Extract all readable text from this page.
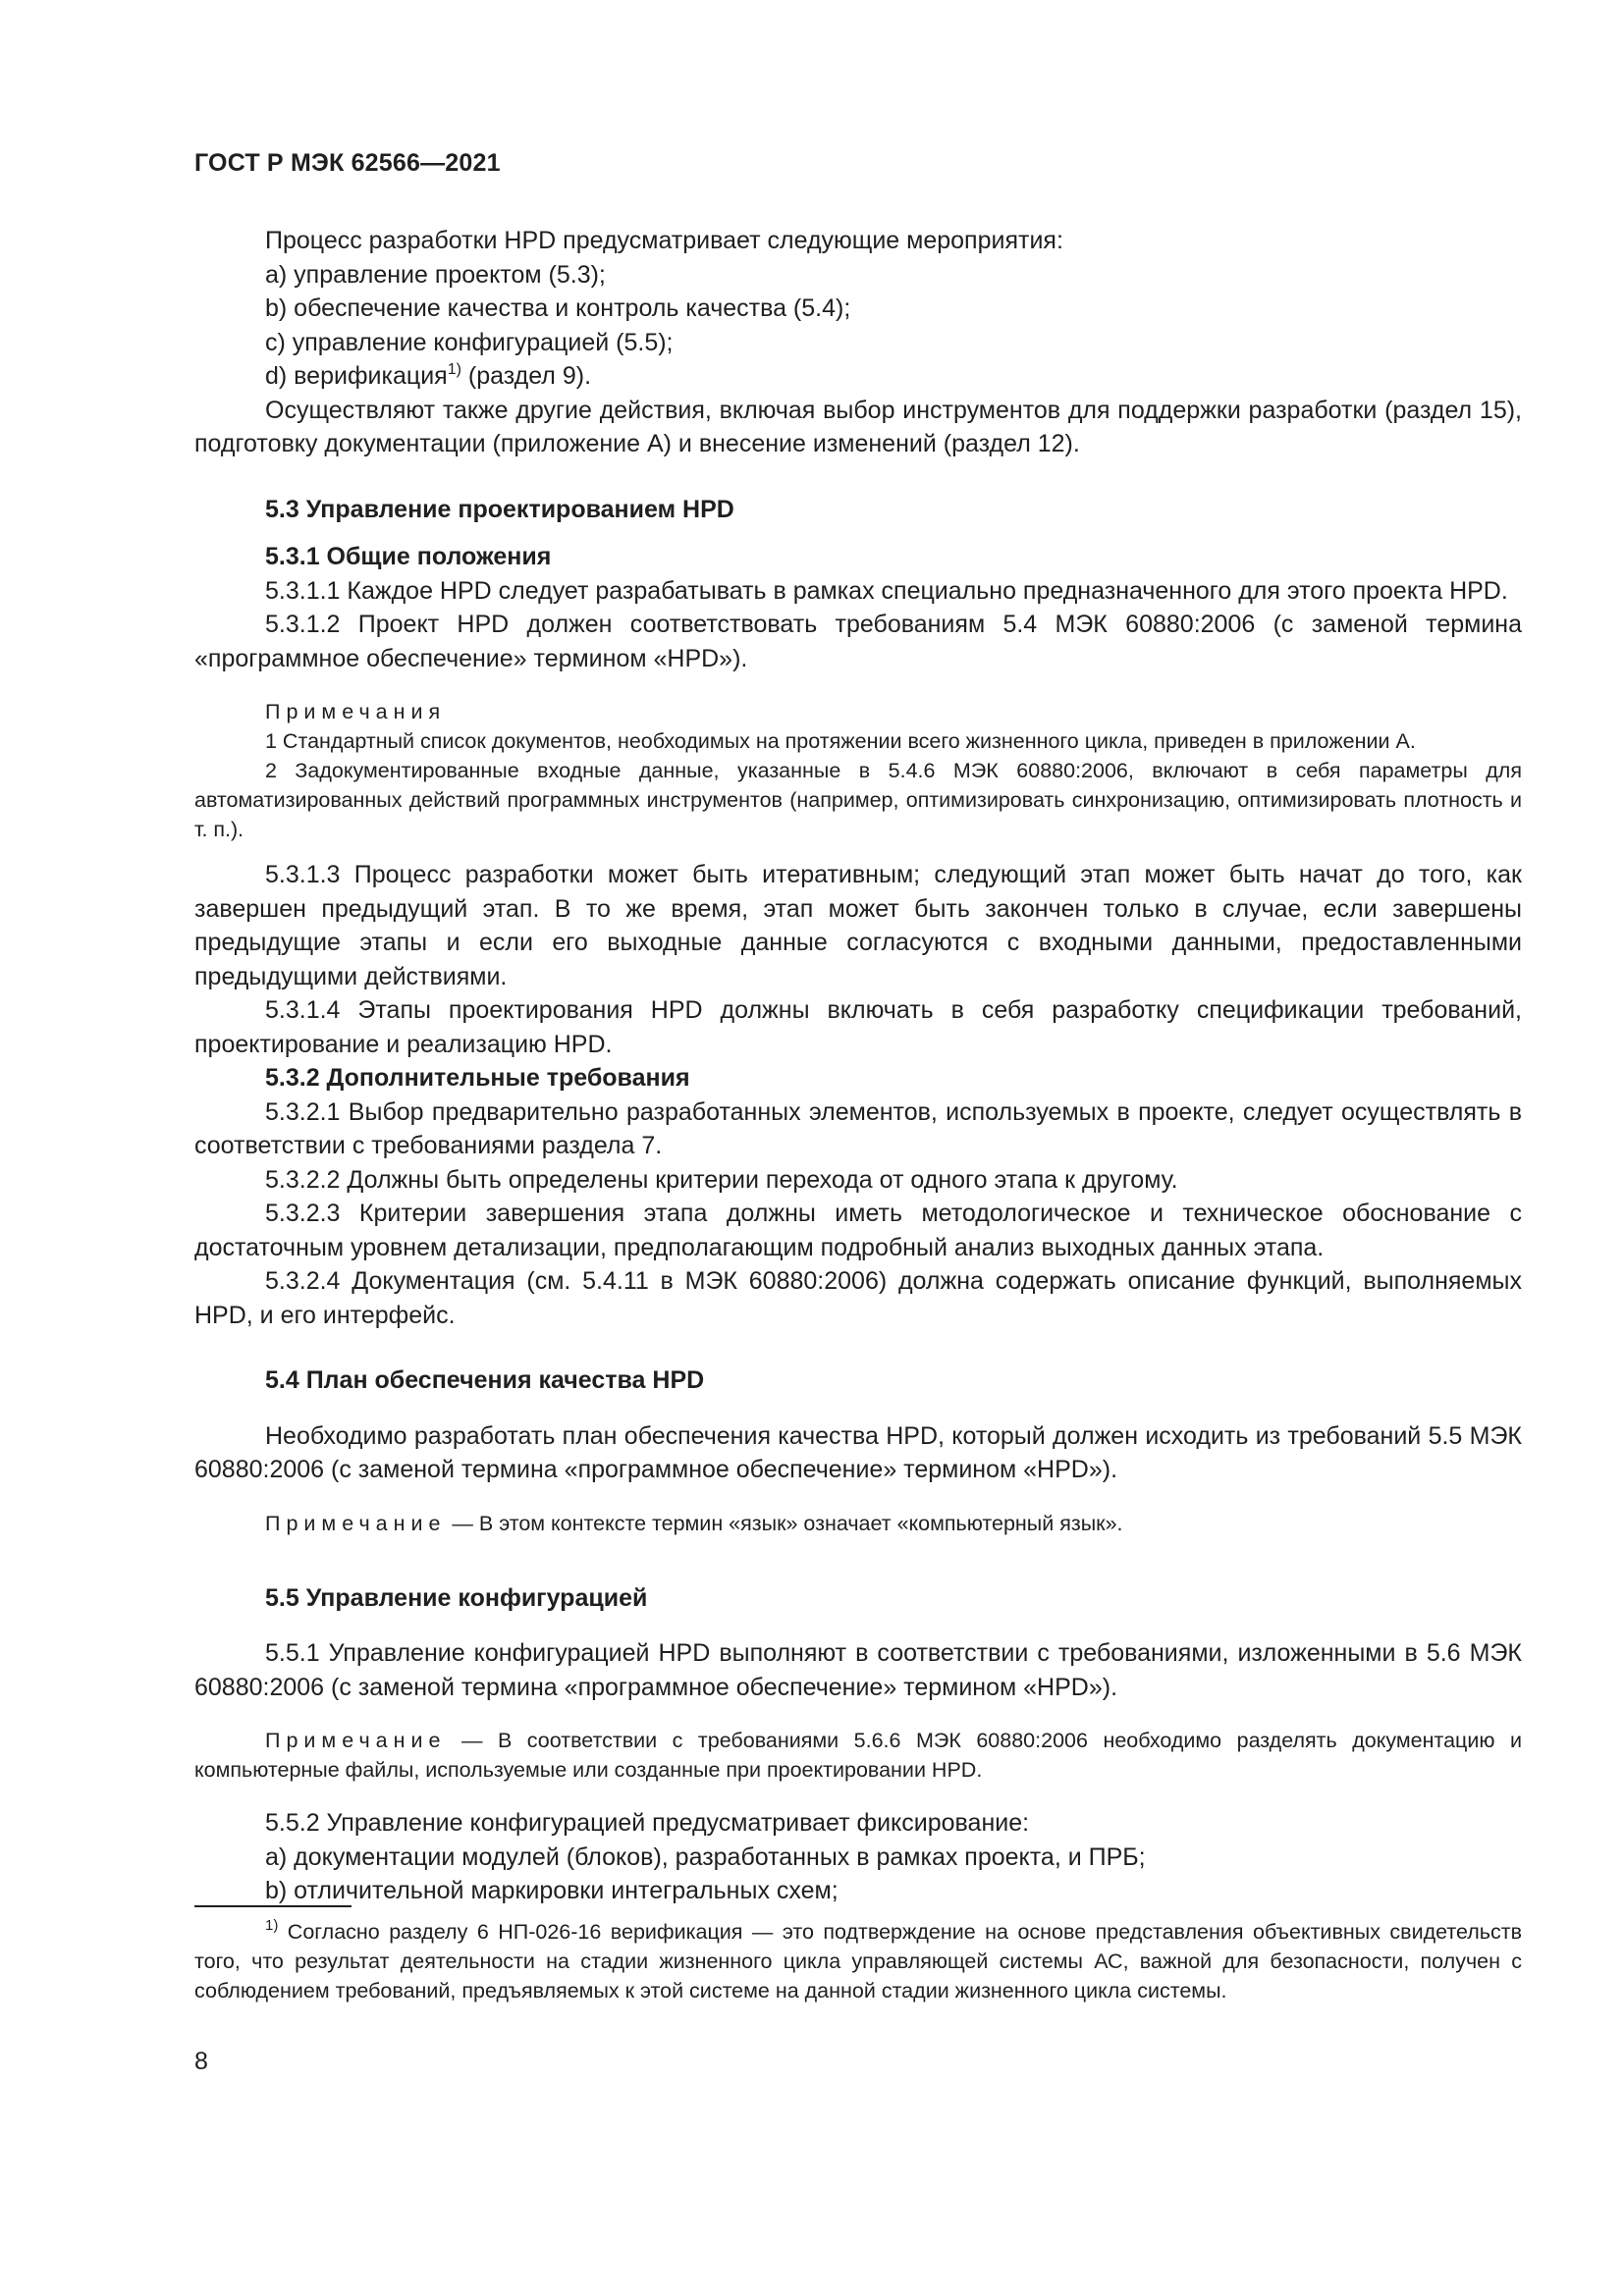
ГОСТ Р МЭК 62566—2021

Процесс разработки HPD предусматривает следующие мероприятия:

а) управление проектом (5.3);

b) обеспечение качества и контроль качества (5.4);

с) управление конфигурацией (5.5);

d) верификация$^{1)}$ (раздел 9).

Осуществляют также другие действия, включая выбор инструментов для поддержки разработки (раздел 15), подготовку документации (приложение А) и внесение изменений (раздел 12).

5.3 Управление проектированием HPD

5.3.1 Общие положения

5.3.1.1 Каждое HPD следует разрабатывать в рамках специально предназначенного для этого проекта HPD.

5.3.1.2 Проект HPD должен соответствовать требованиям 5.4 МЭК 60880:2006 (с заменой термина «программное обеспечение» термином «HPD»).

Примечания

1 Стандартный список документов, необходимых на протяжении всего жизненного цикла, приведен в приложении А.

2 Задокументированные входные данные, указанные в 5.4.6 МЭК 60880:2006, включают в себя параметры для автоматизированных действий программных инструментов (например, оптимизировать синхронизацию, оптимизировать плотность и т. п.).

5.3.1.3 Процесс разработки может быть итеративным; следующий этап может быть начат до того, как завершен предыдущий этап. В то же время, этап может быть закончен только в случае, если завершены предыдущие этапы и если его выходные данные согласуются с входными данными, предоставленными предыдущими действиями.

5.3.1.4 Этапы проектирования HPD должны включать в себя разработку спецификации требований, проектирование и реализацию HPD.

5.3.2 Дополнительные требования

5.3.2.1 Выбор предварительно разработанных элементов, используемых в проекте, следует осуществлять в соответствии с требованиями раздела 7.

5.3.2.2 Должны быть определены критерии перехода от одного этапа к другому.

5.3.2.3 Критерии завершения этапа должны иметь методологическое и техническое обоснование с достаточным уровнем детализации, предполагающим подробный анализ выходных данных этапа.

5.3.2.4 Документация (см. 5.4.11 в МЭК 60880:2006) должна содержать описание функций, выполняемых HPD, и его интерфейс.

5.4 План обеспечения качества HPD

Необходимо разработать план обеспечения качества HPD, который должен исходить из требований 5.5 МЭК 60880:2006 (с заменой термина «программное обеспечение» термином «HPD»).

Примечание — В этом контексте термин «язык» означает «компьютерный язык».

5.5 Управление конфигурацией

5.5.1 Управление конфигурацией HPD выполняют в соответствии с требованиями, изложенными в 5.6 МЭК 60880:2006 (с заменой термина «программное обеспечение» термином «HPD»).

Примечание — В соответствии с требованиями 5.6.6 МЭК 60880:2006 необходимо разделять документацию и компьютерные файлы, используемые или созданные при проектировании HPD.

5.5.2 Управление конфигурацией предусматривает фиксирование:

а) документации модулей (блоков), разработанных в рамках проекта, и ПРБ;

b) отличительной маркировки интегральных схем;

$^{1)}$ Согласно разделу 6 НП-026-16 верификация — это подтверждение на основе представления объективных свидетельств того, что результат деятельности на стадии жизненного цикла управляющей системы АС, важной для безопасности, получен с соблюдением требований, предъявляемых к этой системе на данной стадии жизненного цикла системы.
8
